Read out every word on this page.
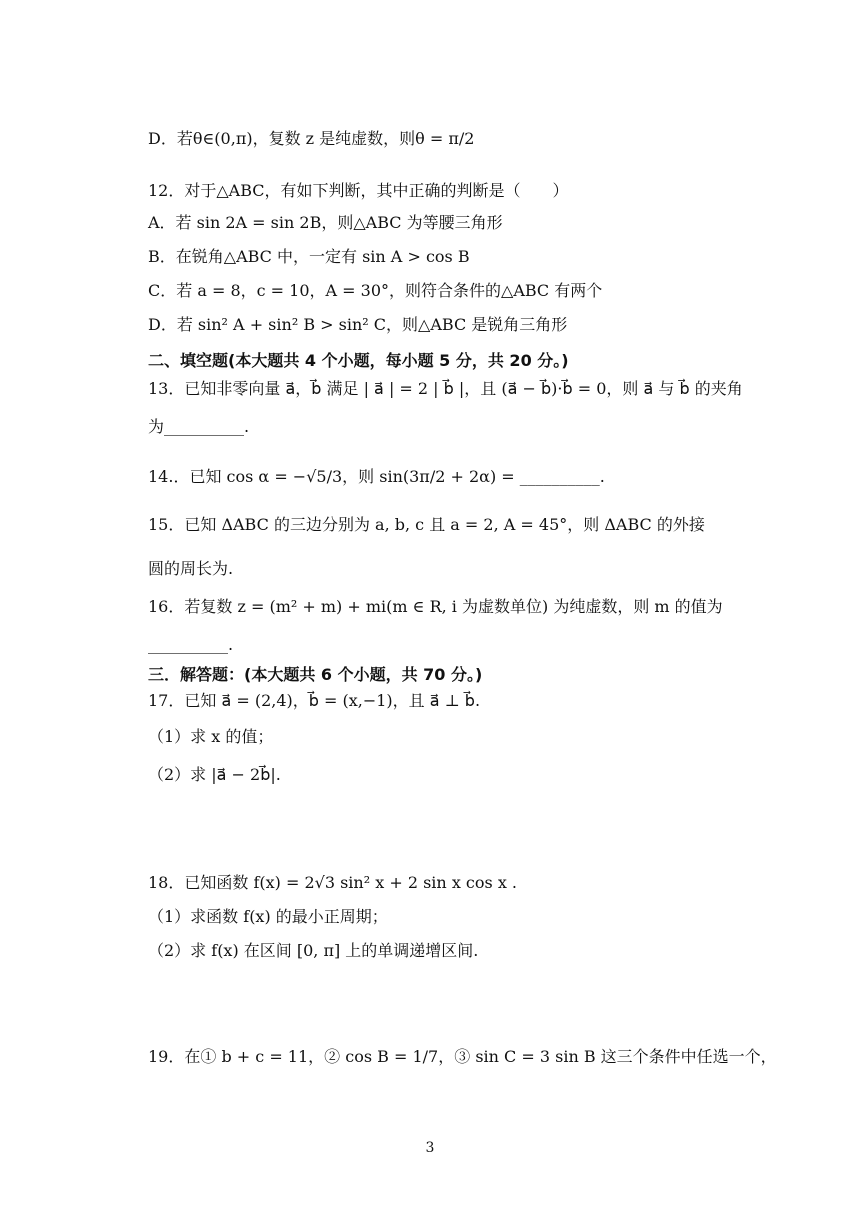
D．若θ∈(0,π)，复数 z 是纯虚数，则θ = π/2
12．对于△ABC，有如下判断，其中正确的判断是（　　）
A．若 sin 2A = sin 2B，则△ABC 为等腰三角形
B．在锐角△ABC 中，一定有 sin A > cos B
C．若 a = 8，c = 10，A = 30°，则符合条件的△ABC 有两个
D．若 sin² A + sin² B > sin² C，则△ABC 是锐角三角形
二、填空题(本大题共 4 个小题，每小题 5 分，共 20 分。)
13．已知非零向量 a⃗，b⃗ 满足 | a⃗ | = 2 | b⃗ |，且 (a⃗ − b⃗)·b⃗ = 0，则 a⃗ 与 b⃗ 的夹角
为__________.
14.．已知 cos α = −√5/3，则 sin(3π/2 + 2α) = __________.
15．已知 ΔABC 的三边分别为 a, b, c 且 a = 2, A = 45°，则 ΔABC 的外接
圆的周长为.
16．若复数 z = (m² + m) + mi(m ∈ R, i 为虚数单位) 为纯虚数，则 m 的值为
__________.
三．解答题：(本大题共 6 个小题，共 70 分。)
17．已知 a⃗ = (2,4)，b⃗ = (x,−1)，且 a⃗ ⊥ b⃗.
（1）求 x 的值；
（2）求 |a⃗ − 2b⃗|.
18．已知函数 f(x) = 2√3 sin² x + 2 sin x cos x .
（1）求函数 f(x) 的最小正周期；
（2）求 f(x) 在区间 [0, π] 上的单调递增区间.
19．在① b + c = 11，② cos B = 1/7，③ sin C = 3 sin B 这三个条件中任选一个，
3
